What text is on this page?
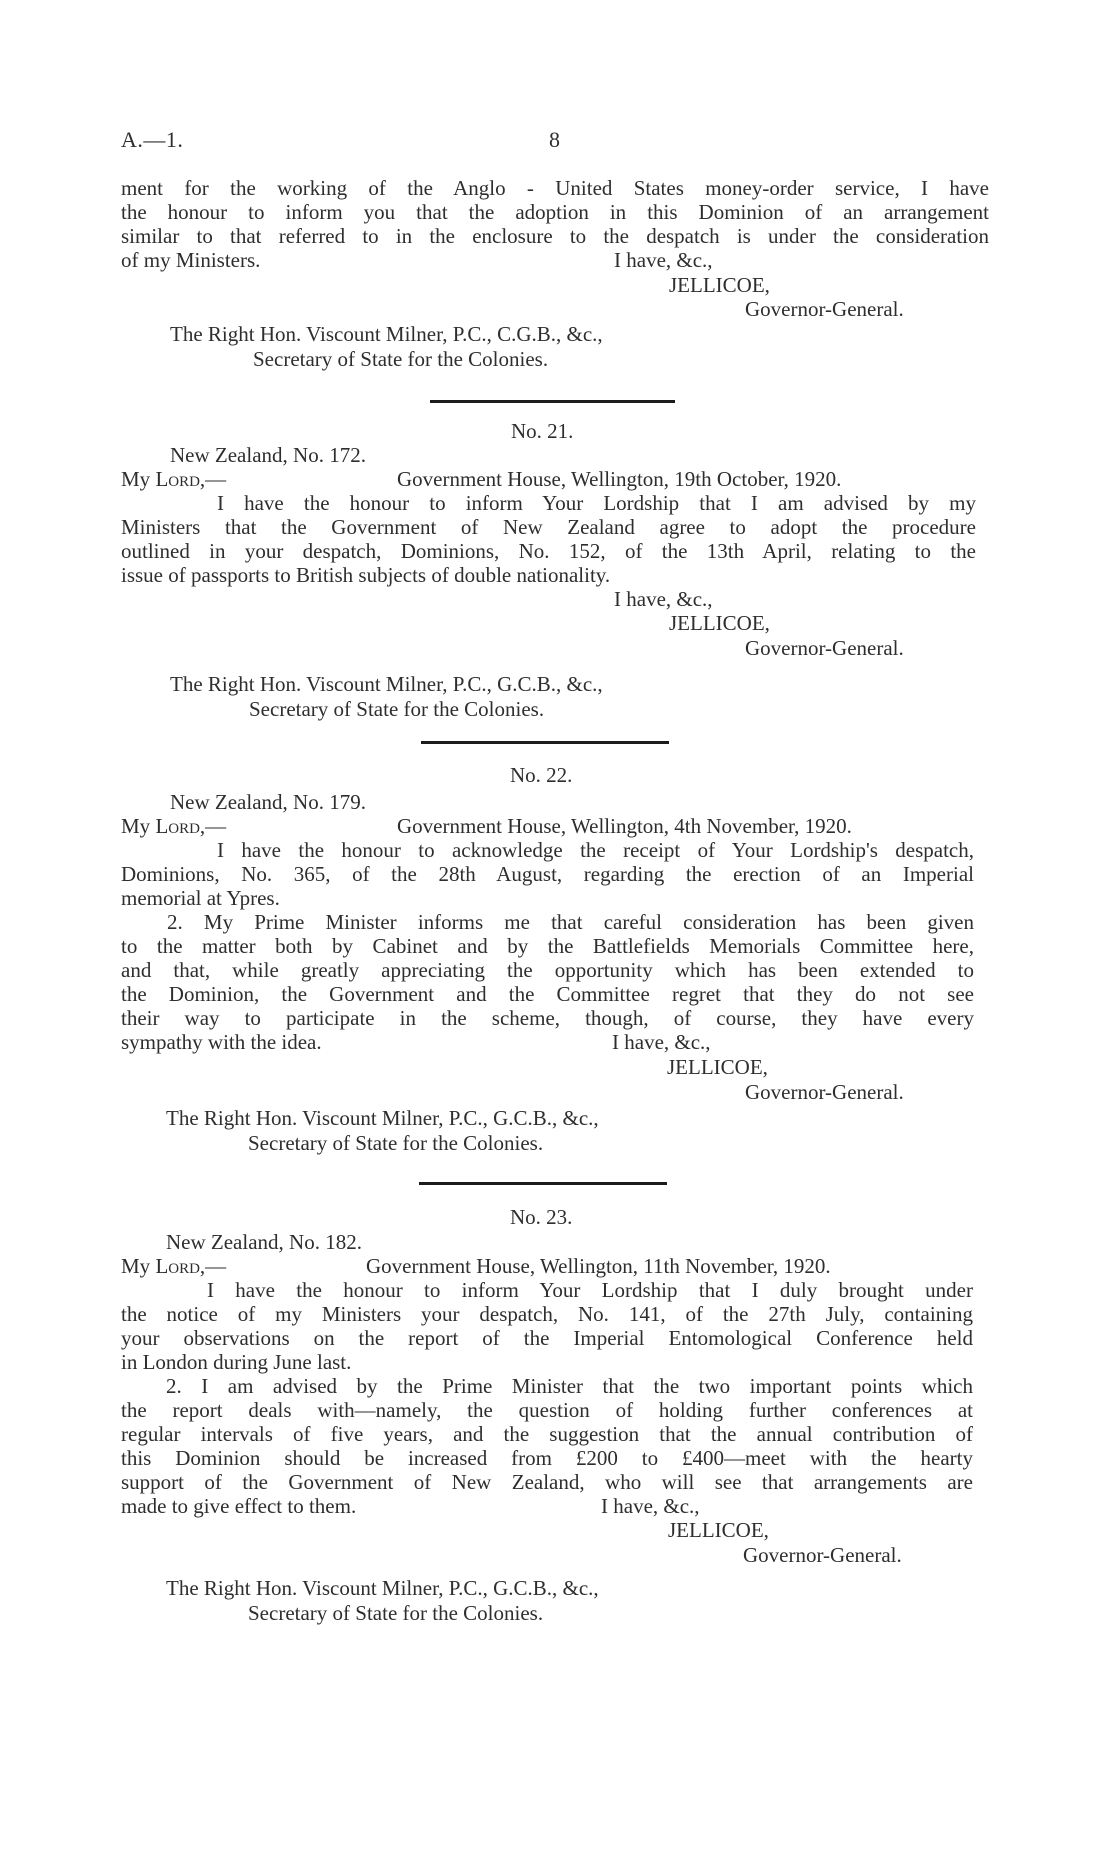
A.—1.	8
ment for the working of the Anglo - United States money-order service, I have
the honour to inform you that the adoption in this Dominion of an arrangement
similar to that referred to in the enclosure to the despatch is under the consideration
of my Ministers.	I have, &c.,
JELLICOE,
Governor-General.
The Right Hon. Viscount Milner, P.C., C.G.B., &c.,
Secretary of State for the Colonies.
No. 21.
New Zealand, No. 172.
My Lord,—	Government House, Wellington, 19th October, 1920.
I have the honour to inform Your Lordship that I am advised by my
Ministers that the Government of New Zealand agree to adopt the procedure
outlined in your despatch, Dominions, No. 152, of the 13th April, relating to the
issue of passports to British subjects of double nationality.
I have, &c.,
JELLICOE,
Governor-General.
The Right Hon. Viscount Milner, P.C., G.C.B., &c.,
Secretary of State for the Colonies.
No. 22.
New Zealand, No. 179.
My Lord,—	Government House, Wellington, 4th November, 1920.
I have the honour to acknowledge the receipt of Your Lordship's despatch,
Dominions, No. 365, of the 28th August, regarding the erection of an Imperial
memorial at Ypres.
2. My Prime Minister informs me that careful consideration has been given
to the matter both by Cabinet and by the Battlefields Memorials Committee here,
and that, while greatly appreciating the opportunity which has been extended to
the Dominion, the Government and the Committee regret that they do not see
their way to participate in the scheme, though, of course, they have every
sympathy with the idea.	I have, &c.,
JELLICOE,
Governor-General.
The Right Hon. Viscount Milner, P.C., G.C.B., &c.,
Secretary of State for the Colonies.
No. 23.
New Zealand, No. 182.
My Lord,—	Government House, Wellington, 11th November, 1920.
I have the honour to inform Your Lordship that I duly brought under
the notice of my Ministers your despatch, No. 141, of the 27th July, containing
your observations on the report of the Imperial Entomological Conference held
in London during June last.
2. I am advised by the Prime Minister that the two important points which
the report deals with—namely, the question of holding further conferences at
regular intervals of five years, and the suggestion that the annual contribution of
this Dominion should be increased from £200 to £400—meet with the hearty
support of the Government of New Zealand, who will see that arrangements are
made to give effect to them.	I have, &c.,
JELLICOE,
Governor-General.
The Right Hon. Viscount Milner, P.C., G.C.B., &c.,
Secretary of State for the Colonies.
